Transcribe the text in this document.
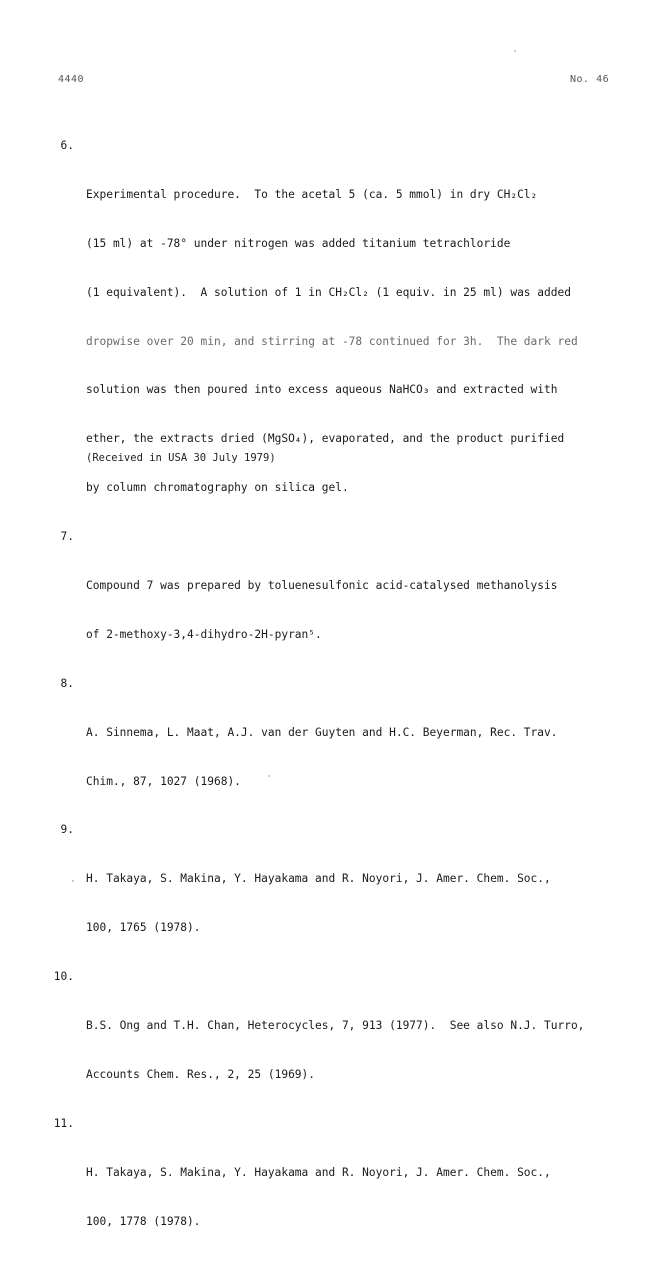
4440	No. 46

6.

Experimental procedure.  To the acetal 5 (ca. 5 mmol) in dry CH₂Cl₂

(15 ml) at -78° under nitrogen was added titanium tetrachloride

(1 equivalent).  A solution of 1 in CH₂Cl₂ (1 equiv. in 25 ml) was added

dropwise over 20 min, and stirring at -78 continued for 3h.  The dark red

solution was then poured into excess aqueous NaHCO₃ and extracted with

ether, the extracts dried (MgSO₄), evaporated, and the product purified

by column chromatography on silica gel.

7.

Compound 7 was prepared by toluenesulfonic acid-catalysed methanolysis

of 2-methoxy-3,4-dihydro-2H-pyran⁵.

8.

A. Sinnema, L. Maat, A.J. van der Guyten and H.C. Beyerman, Rec. Trav.

Chim., 87, 1027 (1968).

9.

H. Takaya, S. Makina, Y. Hayakama and R. Noyori, J. Amer. Chem. Soc.,

100, 1765 (1978).

10.

B.S. Ong and T.H. Chan, Heterocycles, 7, 913 (1977).  See also N.J. Turro,

Accounts Chem. Res., 2, 25 (1969).

11.

H. Takaya, S. Makina, Y. Hayakama and R. Noyori, J. Amer. Chem. Soc.,

100, 1778 (1978).

(Received in USA 30 July 1979)
